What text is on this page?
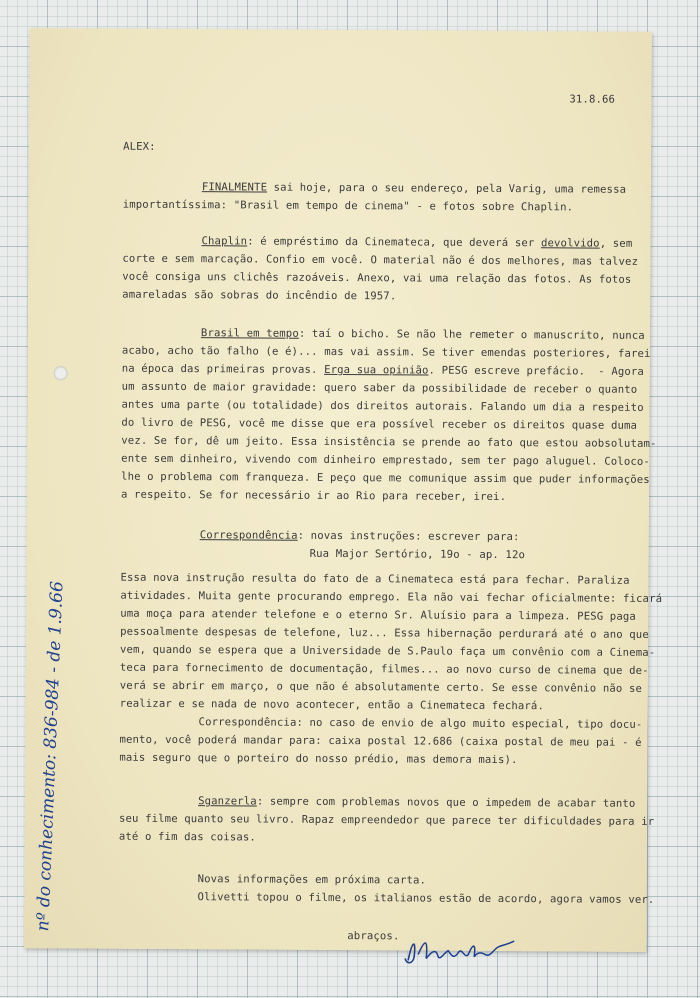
31.8.66
ALEX:
FINALMENTE sai hoje, para o seu endereço, pela Varig, uma remessa
importantíssima: "Brasil em tempo de cinema" - e fotos sobre Chaplin.
Chaplin: é empréstimo da Cinemateca, que deverá ser devolvido, sem
corte e sem marcação. Confio em você. O material não é dos melhores, mas talvez
você consiga uns clichês razoáveis. Anexo, vai uma relação das fotos. As fotos
amareladas são sobras do incêndio de 1957.
Brasil em tempo: taí o bicho. Se não lhe remeter o manuscrito, nunca
acabo, acho tão falho (e é)... mas vai assim. Se tiver emendas posteriores, farei
na época das primeiras provas. Erga sua opinião. PESG escreve prefácio.  - Agora
um assunto de maior gravidade: quero saber da possibilidade de receber o quanto
antes uma parte (ou totalidade) dos direitos autorais. Falando um dia a respeito
do livro de PESG, você me disse que era possível receber os direitos quase duma
vez. Se for, dê um jeito. Essa insistência se prende ao fato que estou aobsolutam-
ente sem dinheiro, vivendo com dinheiro emprestado, sem ter pago aluguel. Coloco-
lhe o problema com franqueza. E peço que me comunique assim que puder informações
a respeito. Se for necessário ir ao Rio para receber, irei.
Correspondência: novas instruções: escrever para:
Rua Major Sertório, 19o - ap. 12o
Essa nova instrução resulta do fato de a Cinemateca está para fechar. Paraliza
atividades. Muita gente procurando emprego. Ela não vai fechar oficialmente: ficará
uma moça para atender telefone e o eterno Sr. Aluísio para a limpeza. PESG paga
pessoalmente despesas de telefone, luz... Essa hibernação perdurará até o ano que
vem, quando se espera que a Universidade de S.Paulo faça um convênio com a Cinema-
teca para fornecimento de documentação, filmes... ao novo curso de cinema que de-
verá se abrir em março, o que não é absolutamente certo. Se esse convênio não se
realizar e se nada de novo acontecer, então a Cinemateca fechará.
Correspondência: no caso de envio de algo muito especial, tipo docu-
mento, você poderá mandar para: caixa postal 12.686 (caixa postal de meu pai - é
mais seguro que o porteiro do nosso prédio, mas demora mais).
Sganzerla: sempre com problemas novos que o impedem de acabar tanto
seu filme quanto seu livro. Rapaz empreendedor que parece ter dificuldades para ir
até o fim das coisas.
Novas informações em próxima carta.
Olivetti topou o filme, os italianos estão de acordo, agora vamos ver.
abraços.
nº do conhecimento: 836-984 - de 1.9.66
